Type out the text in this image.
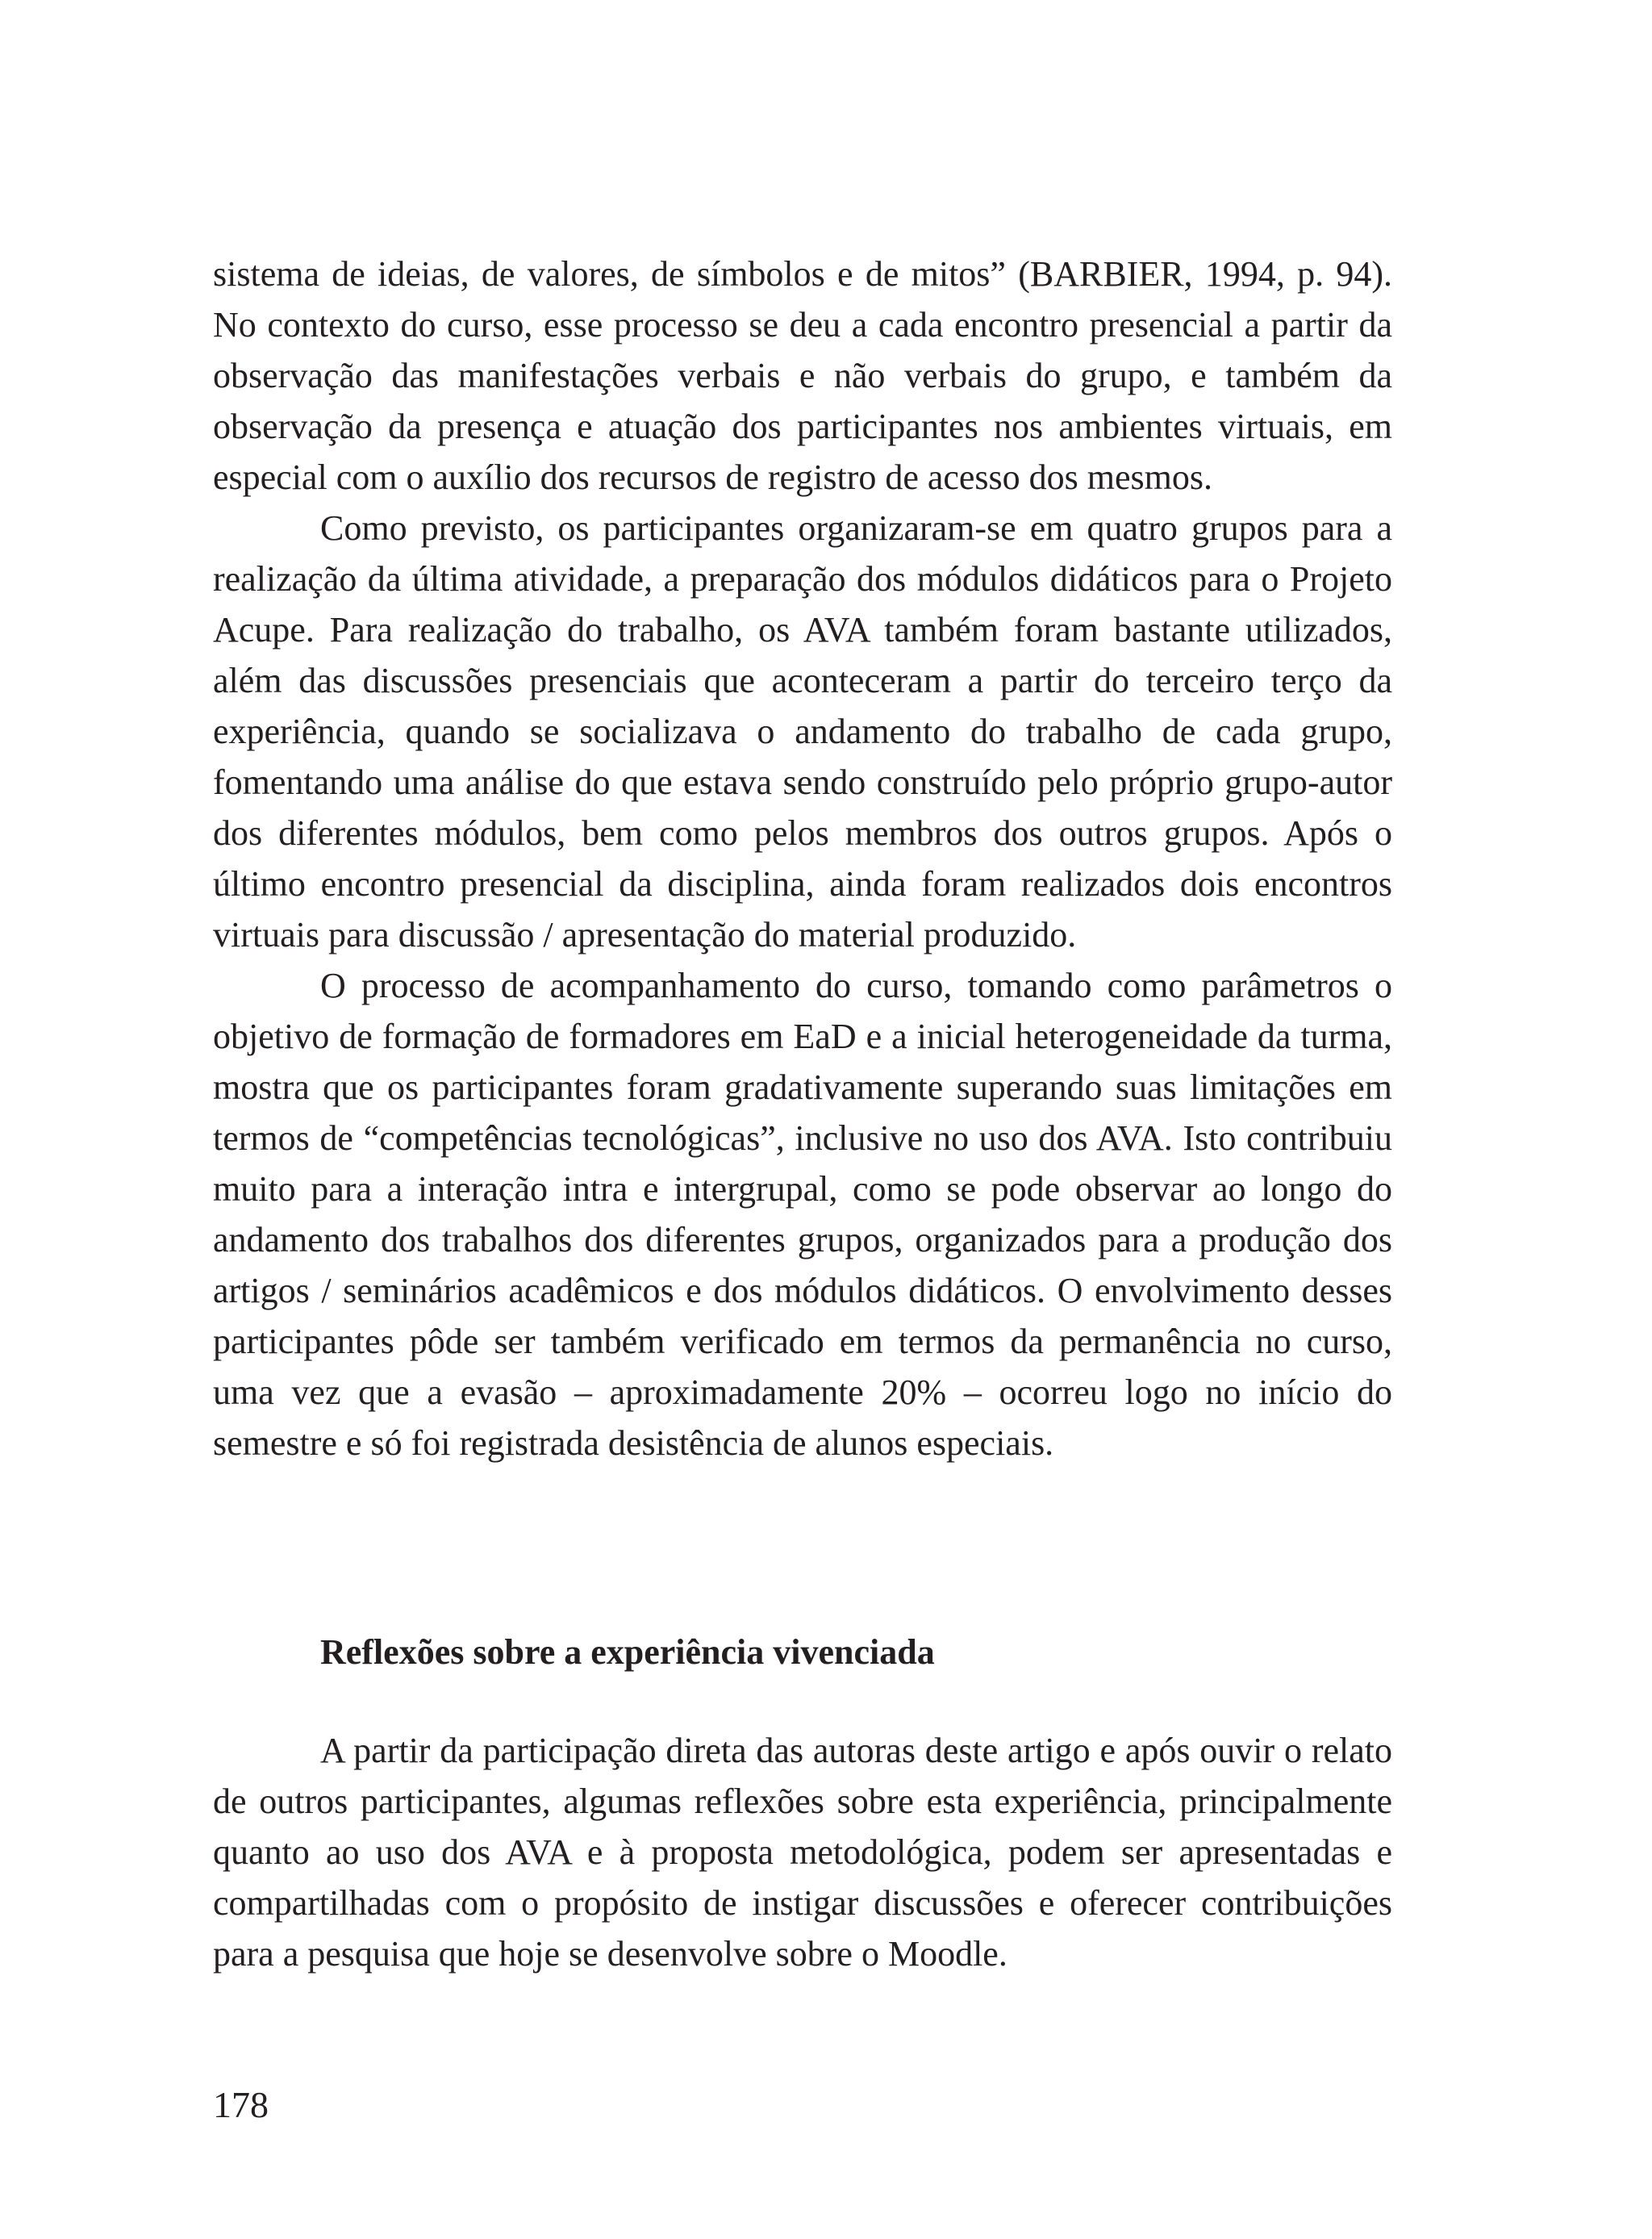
sistema de ideias, de valores, de símbolos e de mitos” (BARBIER, 1994, p. 94). No contexto do curso, esse processo se deu a cada encontro presencial a partir da observação das manifestações verbais e não verbais do grupo, e também da observação da presença e atuação dos participantes nos ambientes virtuais, em especial com o auxílio dos recursos de registro de acesso dos mesmos.

Como previsto, os participantes organizaram-se em quatro grupos para a realização da última atividade, a preparação dos módulos didáticos para o Projeto Acupe. Para realização do trabalho, os AVA também foram bastante utilizados, além das discussões presenciais que aconteceram a partir do terceiro terço da experiência, quando se socializava o andamento do trabalho de cada grupo, fomentando uma análise do que estava sendo construído pelo próprio grupo-autor dos diferentes módulos, bem como pelos membros dos outros grupos. Após o último encontro presencial da disciplina, ainda foram realizados dois encontros virtuais para discussão / apresentação do material produzido.

O processo de acompanhamento do curso, tomando como parâmetros o objetivo de formação de formadores em EaD e a inicial heterogeneidade da turma, mostra que os participantes foram gradativamente superando suas limitações em termos de “competências tecnológicas”, inclusive no uso dos AVA. Isto contribuiu muito para a interação intra e intergrupal, como se pode observar ao longo do andamento dos trabalhos dos diferentes grupos, organizados para a produção dos artigos / seminários acadêmicos e dos módulos didáticos. O envolvimento desses participantes pôde ser também verificado em termos da permanência no curso, uma vez que a evasão – aproximadamente 20% – ocorreu logo no início do semestre e só foi registrada desistência de alunos especiais.

Reflexões sobre a experiência vivenciada

A partir da participação direta das autoras deste artigo e após ouvir o relato de outros participantes, algumas reflexões sobre esta experiência, principalmente quanto ao uso dos AVA e à proposta metodológica, podem ser apresentadas e compartilhadas com o propósito de instigar discussões e oferecer contribuições para a pesquisa que hoje se desenvolve sobre o Moodle.

178
